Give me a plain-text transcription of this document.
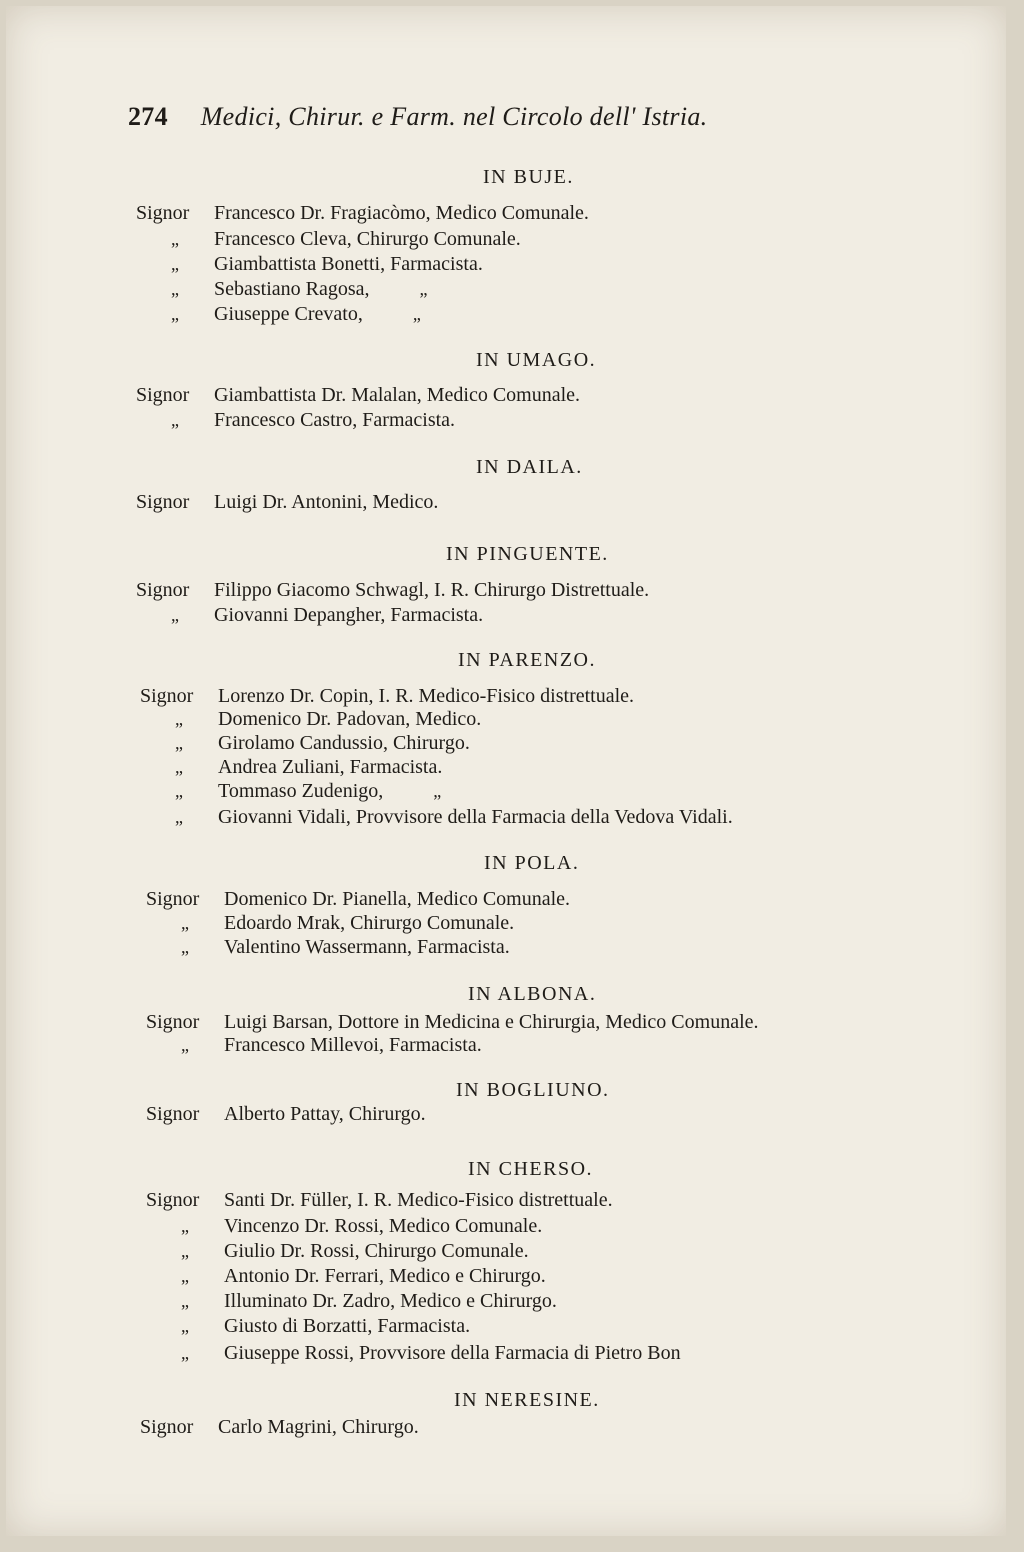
274 Medici, Chirur. e Farm. nel Circolo dell' Istria.
IN BUJE.
Signor Francesco Dr. Fragiacòmo, Medico Comunale.
„ Francesco Cleva, Chirurgo Comunale.
„ Giambattista Bonetti, Farmacista.
„ Sebastiano Ragosa,	„
„ Giuseppe Crevato,	„
IN UMAGO.
Signor Giambattista Dr. Malalan, Medico Comunale.
„ Francesco Castro, Farmacista.
IN DAILA.
Signor Luigi Dr. Antonini, Medico.
IN PINGUENTE.
Signor Filippo Giacomo Schwagl, I. R. Chirurgo Distrettuale.
„ Giovanni Depangher, Farmacista.
IN PARENZO.
Signor Lorenzo Dr. Copin, I. R. Medico-Fisico distrettuale.
„ Domenico Dr. Padovan, Medico.
„ Girolamo Candussio, Chirurgo.
„ Andrea Zuliani, Farmacista.
„ Tommaso Zudenigo,	„
„ Giovanni Vidali, Provvisore della Farmacia della Vedova Vidali.
IN POLA.
Signor Domenico Dr. Pianella, Medico Comunale.
„ Edoardo Mrak, Chirurgo Comunale.
„ Valentino Wassermann, Farmacista.
IN ALBONA.
Signor Luigi Barsan, Dottore in Medicina e Chirurgia, Medico Comunale.
„ Francesco Millevoi, Farmacista.
IN BOGLIUNO.
Signor Alberto Pattay, Chirurgo.
IN CHERSO.
Signor Santi Dr. Füller, I. R. Medico-Fisico distrettuale.
„ Vincenzo Dr. Rossi, Medico Comunale.
„ Giulio Dr. Rossi, Chirurgo Comunale.
„ Antonio Dr. Ferrari, Medico e Chirurgo.
„ Illuminato Dr. Zadro, Medico e Chirurgo.
„ Giusto di Borzatti, Farmacista.
„ Giuseppe Rossi, Provvisore della Farmacia di Pietro Bon
IN NERESINE.
Signor Carlo Magrini, Chirurgo.
